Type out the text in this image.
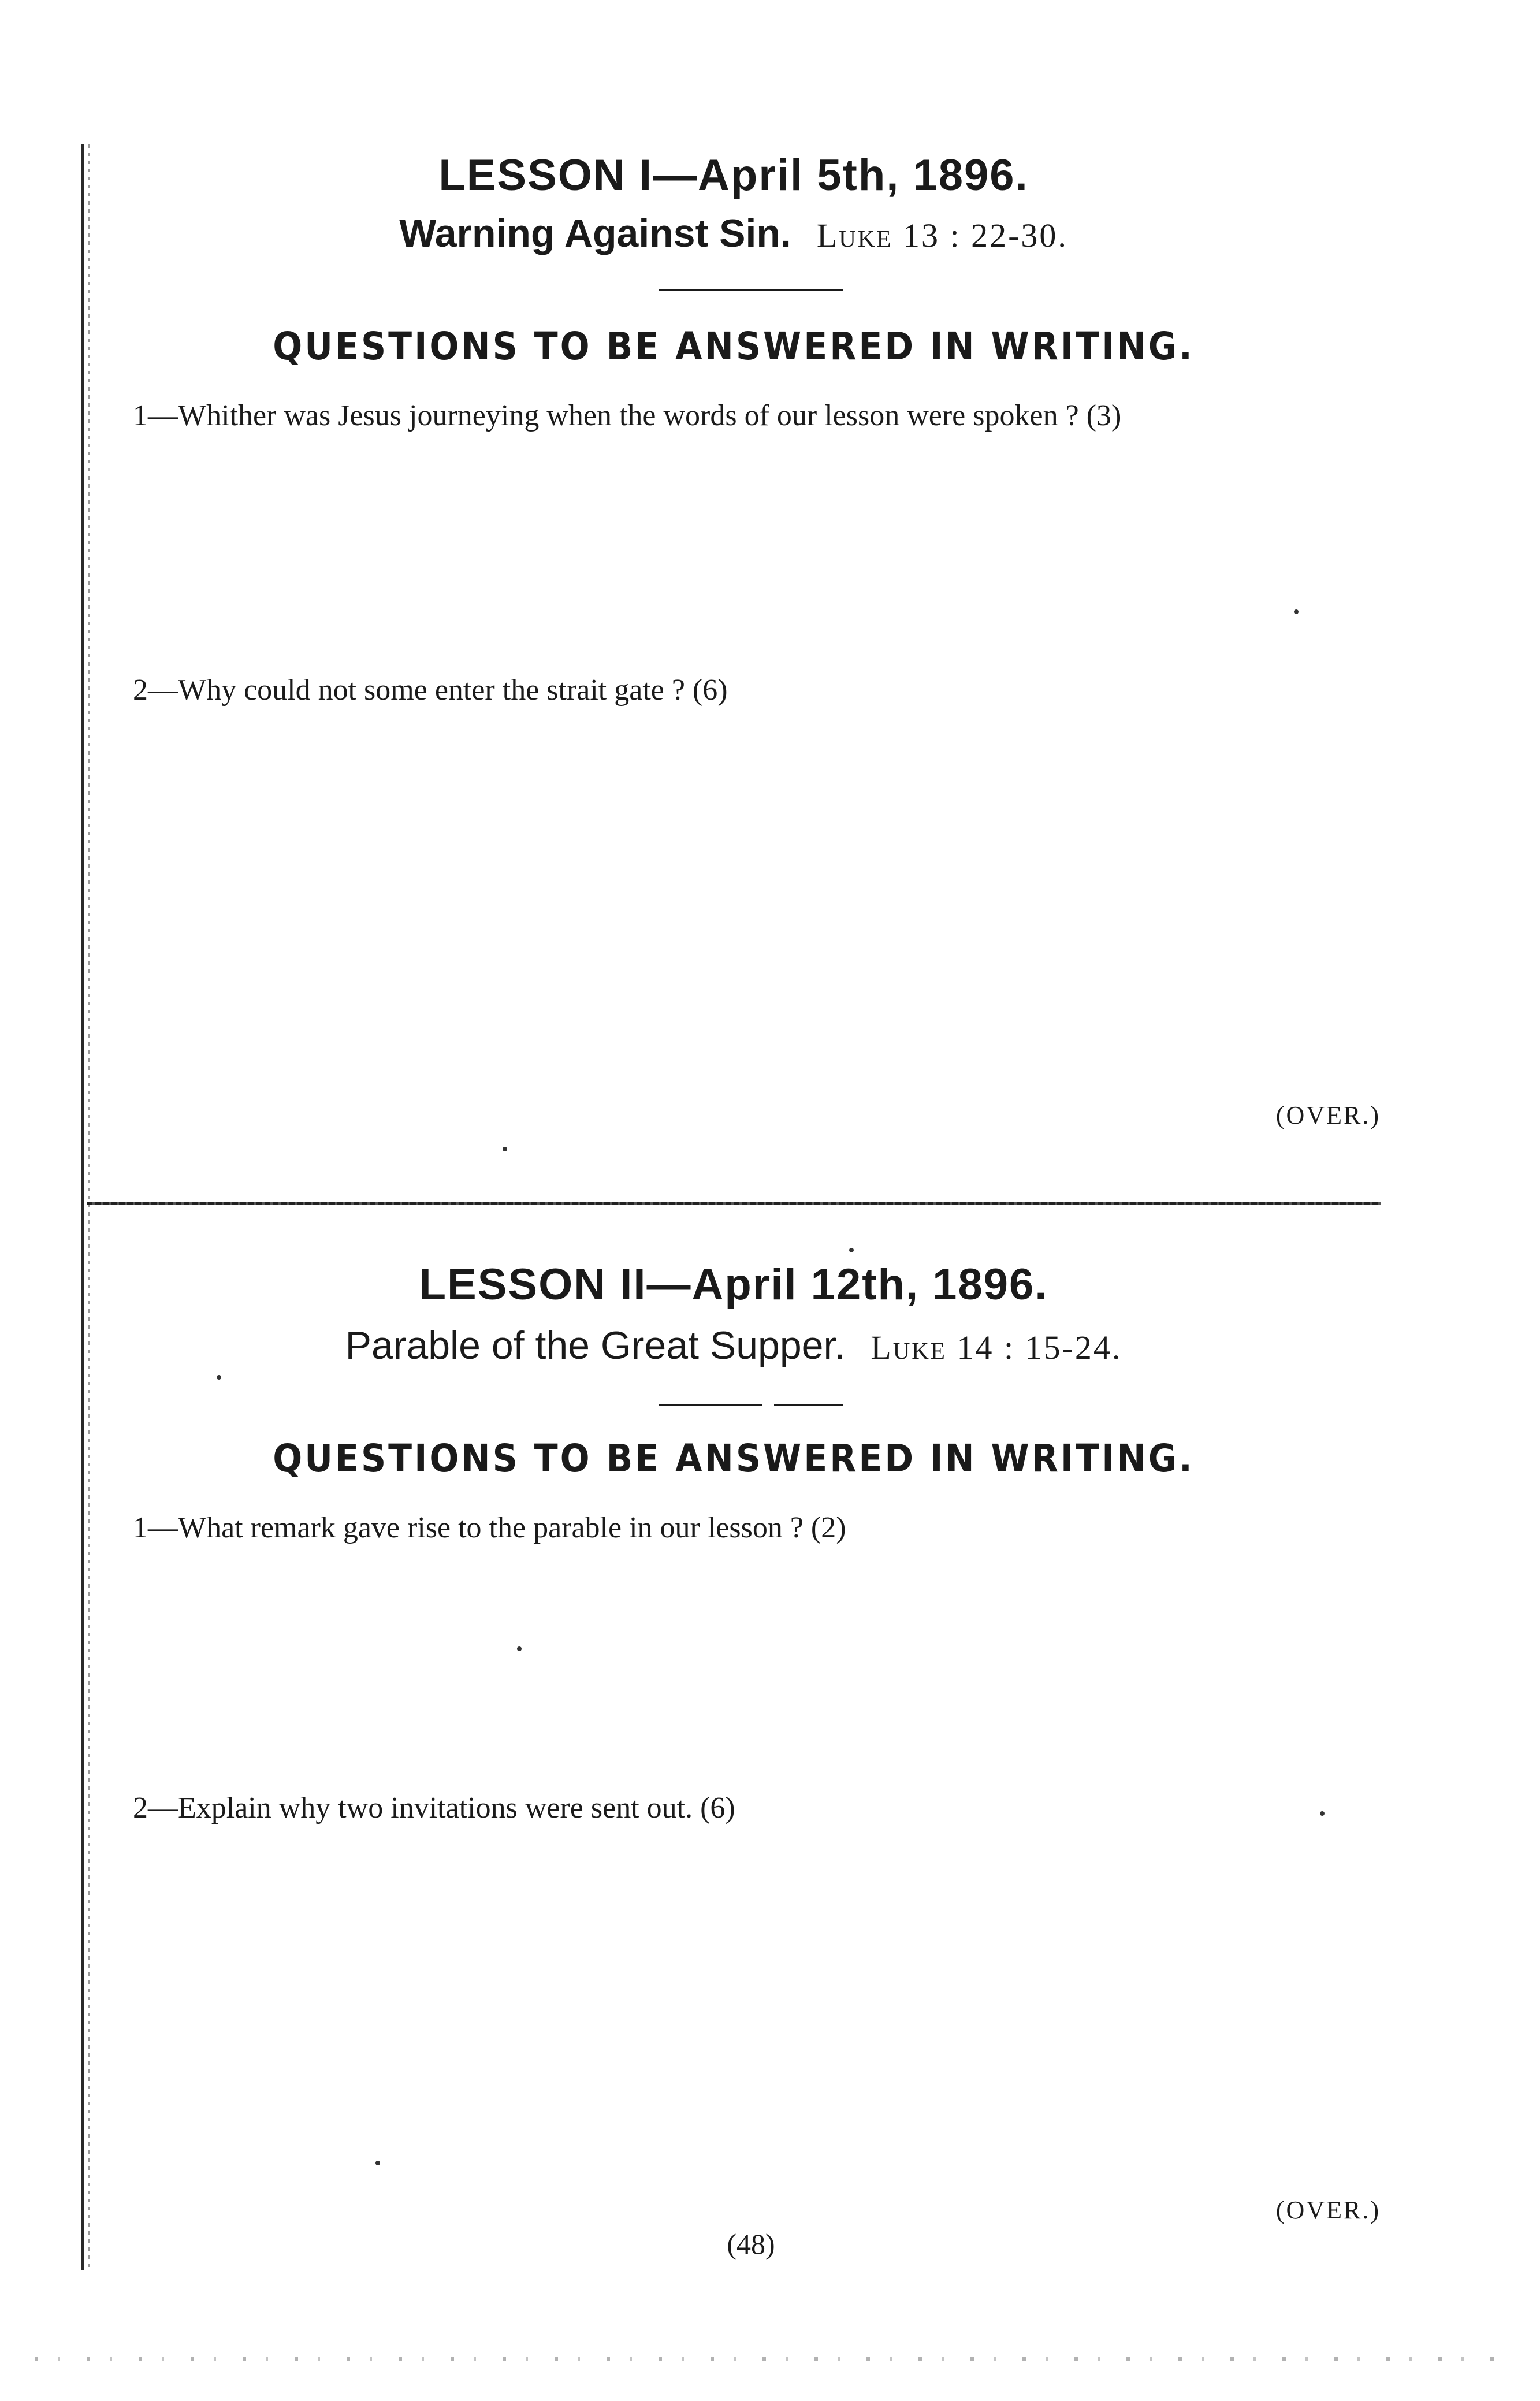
LESSON I—April 5th, 1896.
Warning Against Sin. Luke 13 : 22-30.
QUESTIONS TO BE ANSWERED IN WRITING.
1—Whither was Jesus journeying when the words of our lesson were spoken ? (3)
2—Why could not some enter the strait gate ? (6)
(OVER.)
LESSON II—April 12th, 1896.
Parable of the Great Supper. Luke 14 : 15-24.
QUESTIONS TO BE ANSWERED IN WRITING.
1—What remark gave rise to the parable in our lesson ? (2)
2—Explain why two invitations were sent out. (6)
(OVER.)
(48)
